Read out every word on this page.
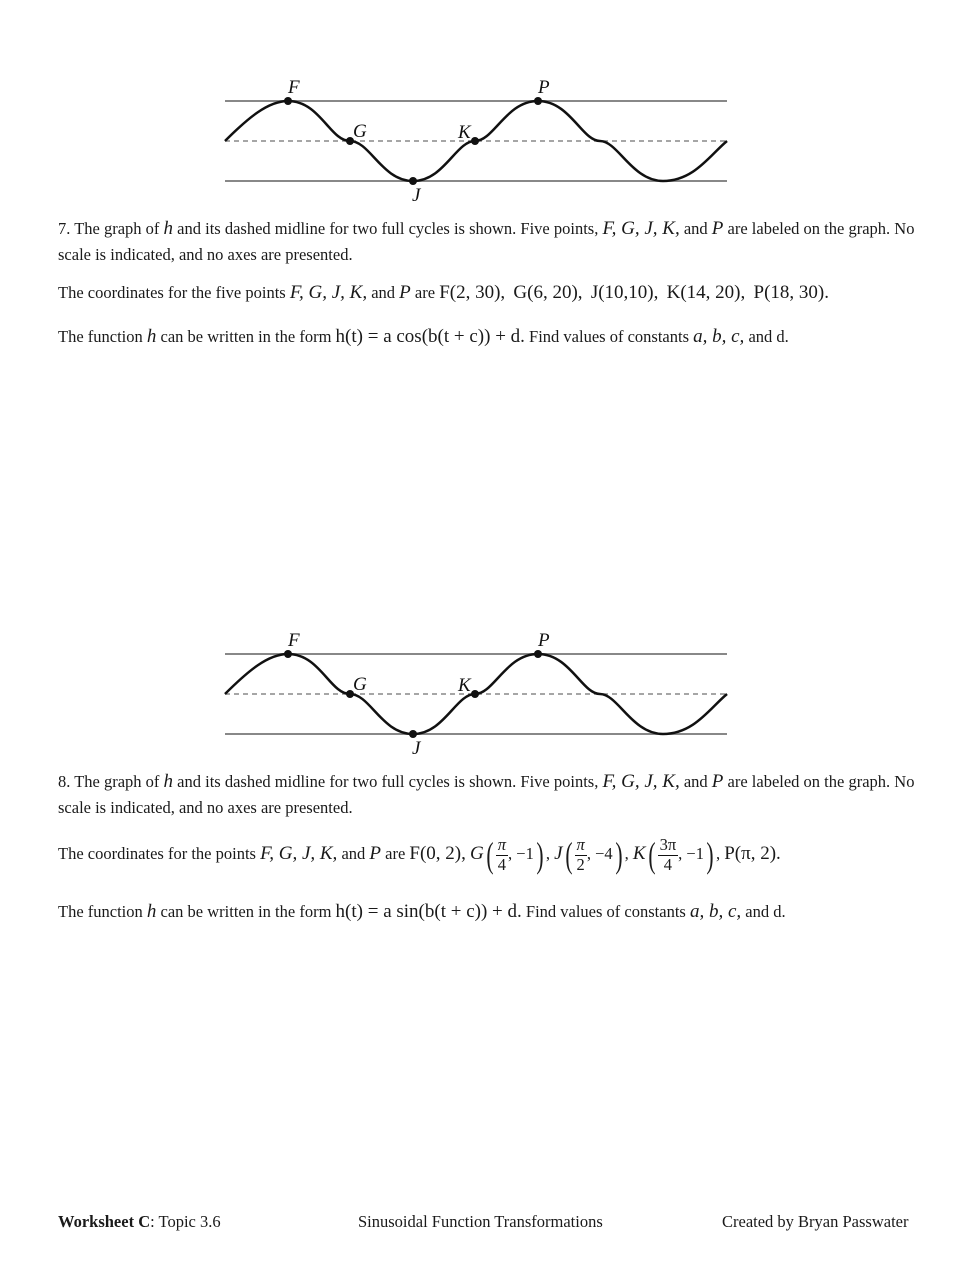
F
G	K
J
P
7. The graph of h and its dashed midline for two full cycles is shown. Five points, F, G, J, K, and P are labeled on the graph. No scale is indicated, and no axes are presented.
The coordinates for the five points F, G, J, K, and P are F(2, 30), G(6, 20), J(10,10), K(14, 20), P(18, 30).
The function h can be written in the form h(t) = a cos(b(t + c)) + d. Find values of constants a, b, c, and d.
F
G	K
J
P
8. The graph of h and its dashed midline for two full cycles is shown. Five points, F, G, J, K, and P are labeled on the graph. No scale is indicated, and no axes are presented.
The coordinates for the points F, G, J, K, and P are F(0, 2), $G( \frac{\pi}{4}$ , −1) , $J( \frac{\pi}{2}$ , −4) , $K( \frac{3\pi}{4}$ , −1) , P(π, 2).
The function h can be written in the form h(t) = a sin(b(t + c)) + d. Find values of constants a, b, c, and d.
Worksheet C: Topic 3.6	Sinusoidal Function Transformations	Created by Bryan Passwater
